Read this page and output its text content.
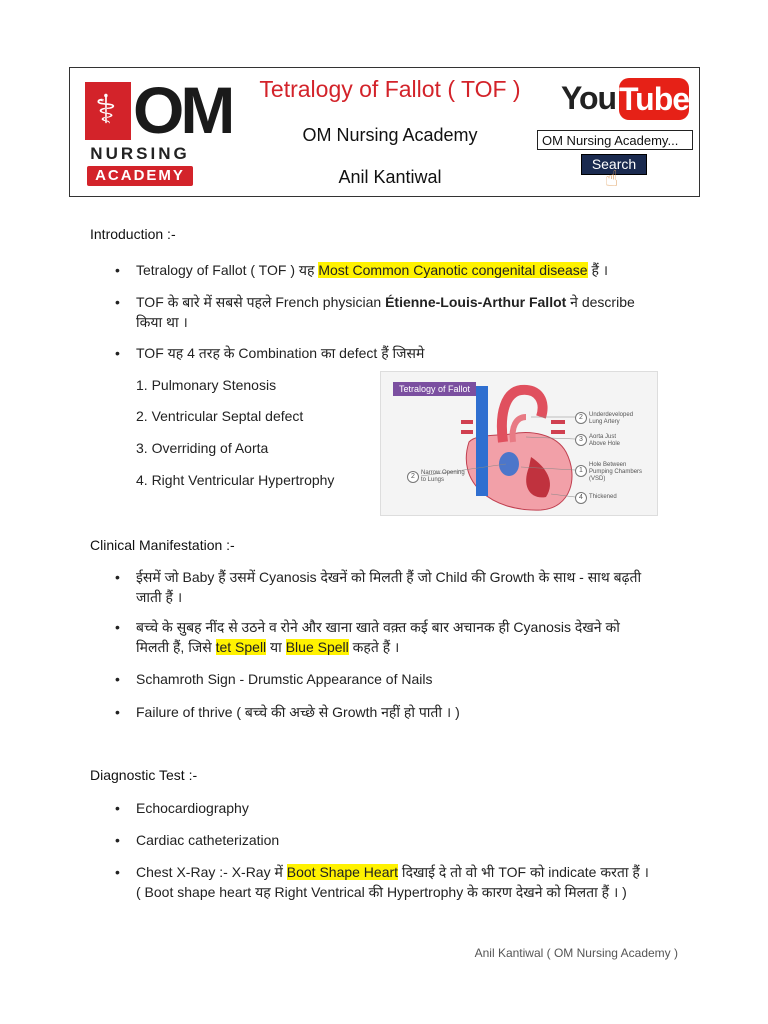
⚕ OM
NURSING
ACADEMY
Tetralogy of Fallot ( TOF )
OM Nursing Academy
Anil Kantiwal
You Tube
OM Nursing Academy...
Search
☝
Introduction :-
•	Tetralogy of Fallot ( TOF ) यह Most Common Cyanotic congenital disease हैं ।
•	TOF के बारे में सबसे पहले French physician Étienne-Louis-Arthur Fallot ने describe
किया था ।
•	TOF यह 4 तरह के Combination का defect हैं जिसमे
1. Pulmonary Stenosis
2. Ventricular Septal defect
3. Overriding of Aorta
4. Right Ventricular Hypertrophy
Tetralogy of Fallot
2	Underdeveloped
Lung Artery
3	Aorta Just
Above Hole
1
Hole Between
Pumping Chambers
(VSD)
4	Thickened
2	Narrow Opening
to Lungs
Clinical Manifestation :-
•	ईसमें जो Baby हैं उसमें Cyanosis देखनें को मिलती हैं जो Child की Growth के साथ - साथ बढ़ती
जाती हैं ।
•	बच्चे के सुबह नींद से उठने व रोने और खाना खाते वक़्त कई बार अचानक ही Cyanosis देखने को
मिलती हैं, जिसे tet Spell या Blue Spell कहते हैं ।
•	Schamroth Sign - Drumstic Appearance of Nails
•	Failure of thrive ( बच्चे की अच्छे से Growth नहीं हो पाती । )
Diagnostic Test :-
•	Echocardiography
•	Cardiac catheterization
•	Chest X-Ray :- X-Ray में Boot Shape Heart दिखाई दे तो वो भी TOF को indicate करता हैं ।
( Boot shape heart यह Right Ventrical की Hypertrophy के कारण देखने को मिलता हैं । )
Anil Kantiwal ( OM Nursing Academy )
